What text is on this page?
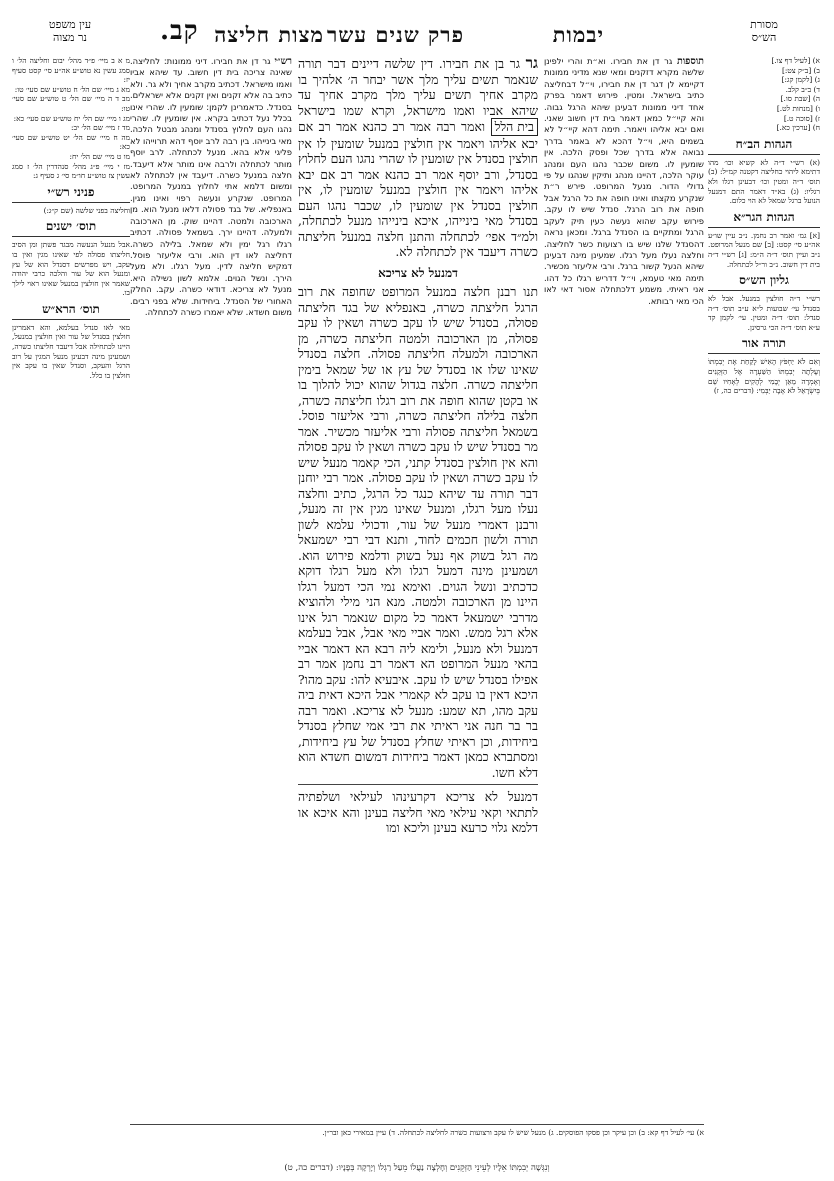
מסורת
הש״ס
יבמות
פרק שנים עשר
מצות חליצה
קב.
עין משפט
נר מצוה
א) [לעיל דף צו.]
ב) [ב״ק צט:]
ג) [לקמן קג:]
ד) ב״ב קלב.
ה) [שבת סו.]
ו) [מנחות לט.]
ז) [סוכה ט.]
ח) [ערכין כא.]
הגהות הב״ח
(א) רש״י ד״ה לא קשיא וכו׳ מהו דתימא ליהוי כחליצה דקטנה קמ״ל: (ב) תוס׳ ד״ה ומטין וכו׳ דבעינן רגלו ולא רגליו: (ג) בא״ד דאמר התם דמנעל הנועל ברגל שמאל לא הוי כלום.
הגהות הגר״א
[א] גמ׳ ואמר רב נחמן. נ״ב עיין שו״ע אה״ע סי׳ קסט: [ב] שם מנעל המרופט. נ״ב ועיין תוס׳ ד״ה ה״מ: [ג] רש״י ד״ה בית דין חשוב. נ״ב ור״ל לכתחלה.
גליון הש״ס
רש״י ד״ה חולצין במנעל. אבל לא בסנדל עי׳ שבועות ל״א ע״ב תוס׳ ד״ה סנדל: תוס׳ ד״ה ומטין. עי׳ לקמן קד ע״א תוס׳ ד״ה הכי גרסינן.
תורה אור
וְאִם לֹא יַחְפֹּץ הָאִישׁ לָקַחַת אֶת יְבִמְתּוֹ וְעָלְתָה יְבִמְתּוֹ הַשַּׁעְרָה אֶל הַזְּקֵנִים וְאָמְרָה מֵאֵן יְבָמִי לְהָקִים לְאָחִיו שֵׁם בְּיִשְׂרָאֵל לֹא אָבָה יַבְּמִי: (דברים כה, ז)
תוספות גר דן את חבירו. וא״ת והרי ילפינן שלשה מקרא דזקנים ומאי שנא מדיני ממונות דקיימא לן דגר דן את חבירו, וי״ל דבחליצה כתיב בישראל. ומטין. פירוש דאמר בפרק אחד דיני ממונות דבעינן שיהא הרגל גבוה. והא קיי״ל כמאן דאמר בית דין חשוב שאני. ואם יבא אליהו ויאמר. תימה דהא קיי״ל לא בשמים היא, וי״ל דהכא לא באמר בדרך נבואה אלא בדרך שכל ופסק הלכה. אין שומעין לו. משום שכבר נהגו העם ומנהג עוקר הלכה, דהיינו מנהג ותיקין שנהגו על פי גדולי הדור. מנעל המרופט. פירש ר״ת שנקרע מקצתו ואינו חופה את כל הרגל אבל חופה את רוב הרגל. סנדל שיש לו עקב. פירוש עקב שהוא נעשה כעין תיק לעקב הרגל ומתקיים בו הסנדל ברגל. ומכאן נראה דהסנדל שלנו שיש בו רצועות כשר לחליצה. וחלצה נעלו מעל רגלו. שמעינן מינה דבעינן שיהא הנעל קשור ברגל. ורבי אליעזר מכשיר. תימה מאי טעמא, וי״ל דדריש רגלו כל דהו. אני ראיתי. משמע דלכתחלה אסור דאי לאו הכי מאי רבותא.
גר גר בן את חבירו. דין שלשה דיינים דבר תורה שנאמר תשים עליך מלך אשר יבחר ה׳ אלהיך בו מקרב אחיך תשים עליך מלך מקרב אחיך עד שיהא אביו ואמו מישראל, וקרא שמו בישראל בית הלל ואמר רבה אמר רב כהנא אמר רב אם יבא אליהו ויאמר אין חולצין במנעל שומעין לו אין חולצין בסנדל אין שומעין לו שהרי נהגו העם לחלוץ בסנדל, ורב יוסף אמר רב כהנא אמר רב אם יבא אליהו ויאמר אין חולצין במנעל שומעין לו, אין חולצין בסנדל אין שומעין לו, שכבר נהגו העם בסנדל מאי בינייהו, איכא בינייהו מנעל לכתחלה, ולמ״ד אפי׳ לכתחלה והתנן חלצה במנעל חליצתה כשרה דיעבד אין לכתחלה לא.
דמנעל לא צריכא
תנו רבנן חלצה במנעל המרופט שחופה את רוב הרגל חליצתה כשרה, באנפליא של בגד חליצתה פסולה, בסנדל שיש לו עקב כשרה ושאין לו עקב פסולה, מן הארכובה ולמטה חליצתה כשרה, מן הארכובה ולמעלה חליצתה פסולה. חלצה בסנדל שאינו שלו או בסנדל של עץ או של שמאל בימין חליצתה כשרה. חלצה בגדול שהוא יכול להלוך בו או בקטן שהוא חופה את רוב רגלו חליצתה כשרה, חלצה בלילה חליצתה כשרה, ורבי אליעזר פוסל. בשמאל חליצתה פסולה ורבי אליעזר מכשיר. אמר מר בסנדל שיש לו עקב כשרה ושאין לו עקב פסולה והא אין חולצין בסנדל קתני, הכי קאמר מנעל שיש לו עקב כשרה ושאין לו עקב פסולה. אמר רבי יוחנן דבר תורה עד שיהא כנגד כל הרגל, כתיב וחלצה נעלו מעל רגלו, ומנעל שאינו מגין אין זה מנעל, ורבנן דאמרי מנעל של עור, ודכולי עלמא לשון תורה ולשון חכמים לחוד, ותנא דבי רבי ישמעאל מה רגל בשוק אף נעל בשוק ודלמא פירוש הוא. ושמעינן מינה דמעל רגלו ולא מעל רגלו דוקא כדכתיב ונשל הגוים. ואימא נמי הכי דמעל רגלו היינו מן הארכובה ולמטה. מנא הני מילי ולהוציא מדרבי ישמעאל דאמר כל מקום שנאמר רגל אינו אלא רגל ממש. ואמר אביי מאי אבל, אבל בעלמא דמנעל ולא מנעל, ולימא ליה רבא הא דאמר אביי בהאי מנעל המרופט הא דאמר רב נחמן אמר רב אפילו בסנדל שיש לו עקב. איבעיא להו: עקב מהו? היכא דאין בו עקב לא קאמרי אבל היכא דאית ביה עקב מהו, תא שמע: מנעל לא צריכא. ואמר רבה בר בר חנה אני ראיתי את רבי אמי שחלץ בסנדל ביחידות, וכן ראיתי שחלץ בסנדל של עץ ביחידות, ומסתברא כמאן דאמר ביחידות דמשום חשדא הוא דלא חשו.
דמנעל לא צריכא דקרעינהו לעילאי ושלפתיה לתתאי וקאי עילאי מאי חליצה בעינן והא איכא או דלמא גלוי כרעא בעינן וליכא ומו
רש״י גר דן את חבירו. דיני ממונות: לחליצה. שאינה צריכה בית דין חשוב. עד שיהא אביו ואמו מישראל. דכתיב מקרב אחיך ולא גר. ולא כתיב בה אלא זקנים ואין זקנים אלא ישראלים. בסנדל. כדאמרינן לקמן: שומעין לו. שהרי אינו בכלל נעל דכתיב בקרא. אין שומעין לו. שהרי נהגו העם לחלוץ בסנדל ומנהג מבטל הלכה. מאי בינייהו. בין רבה לרב יוסף דהא תרוייהו לא פליגי אלא בהא. מנעל לכתחלה. לרב יוסף מותר לכתחלה ולרבה אינו מותר אלא דיעבד. חלצה במנעל כשרה. דיעבד אין לכתחלה לא ומשום דלמא אתי לחלוץ במנעל המרופט. המרופט. שנקרע ונעשה רפוי ואינו מגין. באנפליא. של בגד פסולה דלאו מנעל הוא. מן הארכובה ולמטה. דהיינו שוק. מן הארכובה ולמעלה. דהיינו ירך. בשמאל פסולה. דכתיב רגלו רגל ימין ולא שמאל. בלילה כשרה. דחליצה לאו דין הוא. ורבי אליעזר פוסל. דמקיש חליצה לדין. מעל רגלו. ולא מעל הירך. ונשל הגוים. אלמא לשון נשילה היא. מנעל לא צריכא. דודאי כשרה. עקב. החלק האחורי של הסנדל. ביחידות. שלא בפני רבים. משום חשדא. שלא יאמרו כשרה לכתחלה.
מ א ב מיי׳ פ״ד מהל׳ יבום וחליצה הל׳ ו סמג עשין נא טוש״ע אה״ע סי׳ קסט סעיף יז:
מא ג מיי׳ שם הל׳ ח טוש״ע שם סעי׳ טו:
מב ד ה מיי׳ שם הל׳ ט טוש״ע שם סעי׳ טו:
מג ו מיי׳ שם הל׳ יח טוש״ע שם סעי׳ כא:
מד ז מיי׳ שם הל׳ יב:
מה ח מיי׳ שם הל׳ יט טוש״ע שם סעי׳ כא:
מו ט מיי׳ שם הל׳ יח:
מז י מיי׳ פ״ג מהל׳ סנהדרין הל׳ ז סמג עשין צז טוש״ע חו״מ סי׳ ג סעיף ג:
פניני רש״י
וחליצה בפני שלשה (שם ק״ג:)
תוס׳ ישנים
אבל מנעל הנעשה מבגד פשתן ומן הסיב חליצתו פסולה לפי שאינו מגין ואין בו עקב, ויש מפרשים דסנדל הוא של עץ ומנעל הוא של עור והלכה כרבי יהודה שאמר אין חולצין במנעל שאינו ראוי לילך בו.
תוס׳ הרא״ש
מאי לאו סנדל בעלמא, והא דאמרינן חולצין בסנדל של עור ואין חולצין במנעל, היינו לכתחילה אבל דיעבד חליצתו כשרה, ושמעינן מינה דבעינן מנעל המגין על רוב הרגל והעקב, וסנדל שאין בו עקב אין חולצין בו כלל.
א) עי׳ לעיל דף קא: ב) וכן עיקר וכן פסקו הפוסקים. ג) מנעל שיש לו עקב ורצועות כשרה לחליצה לכתחלה. ד) עיין במאירי כאן ובר״ן.
וְנִגְּשָׁה יְבִמְתּוֹ אֵלָיו לְעֵינֵי הַזְּקֵנִים וְחָלְצָה נַעֲלוֹ מֵעַל רַגְלוֹ וְיָרְקָה בְּפָנָיו: (דברים כה, ט)
